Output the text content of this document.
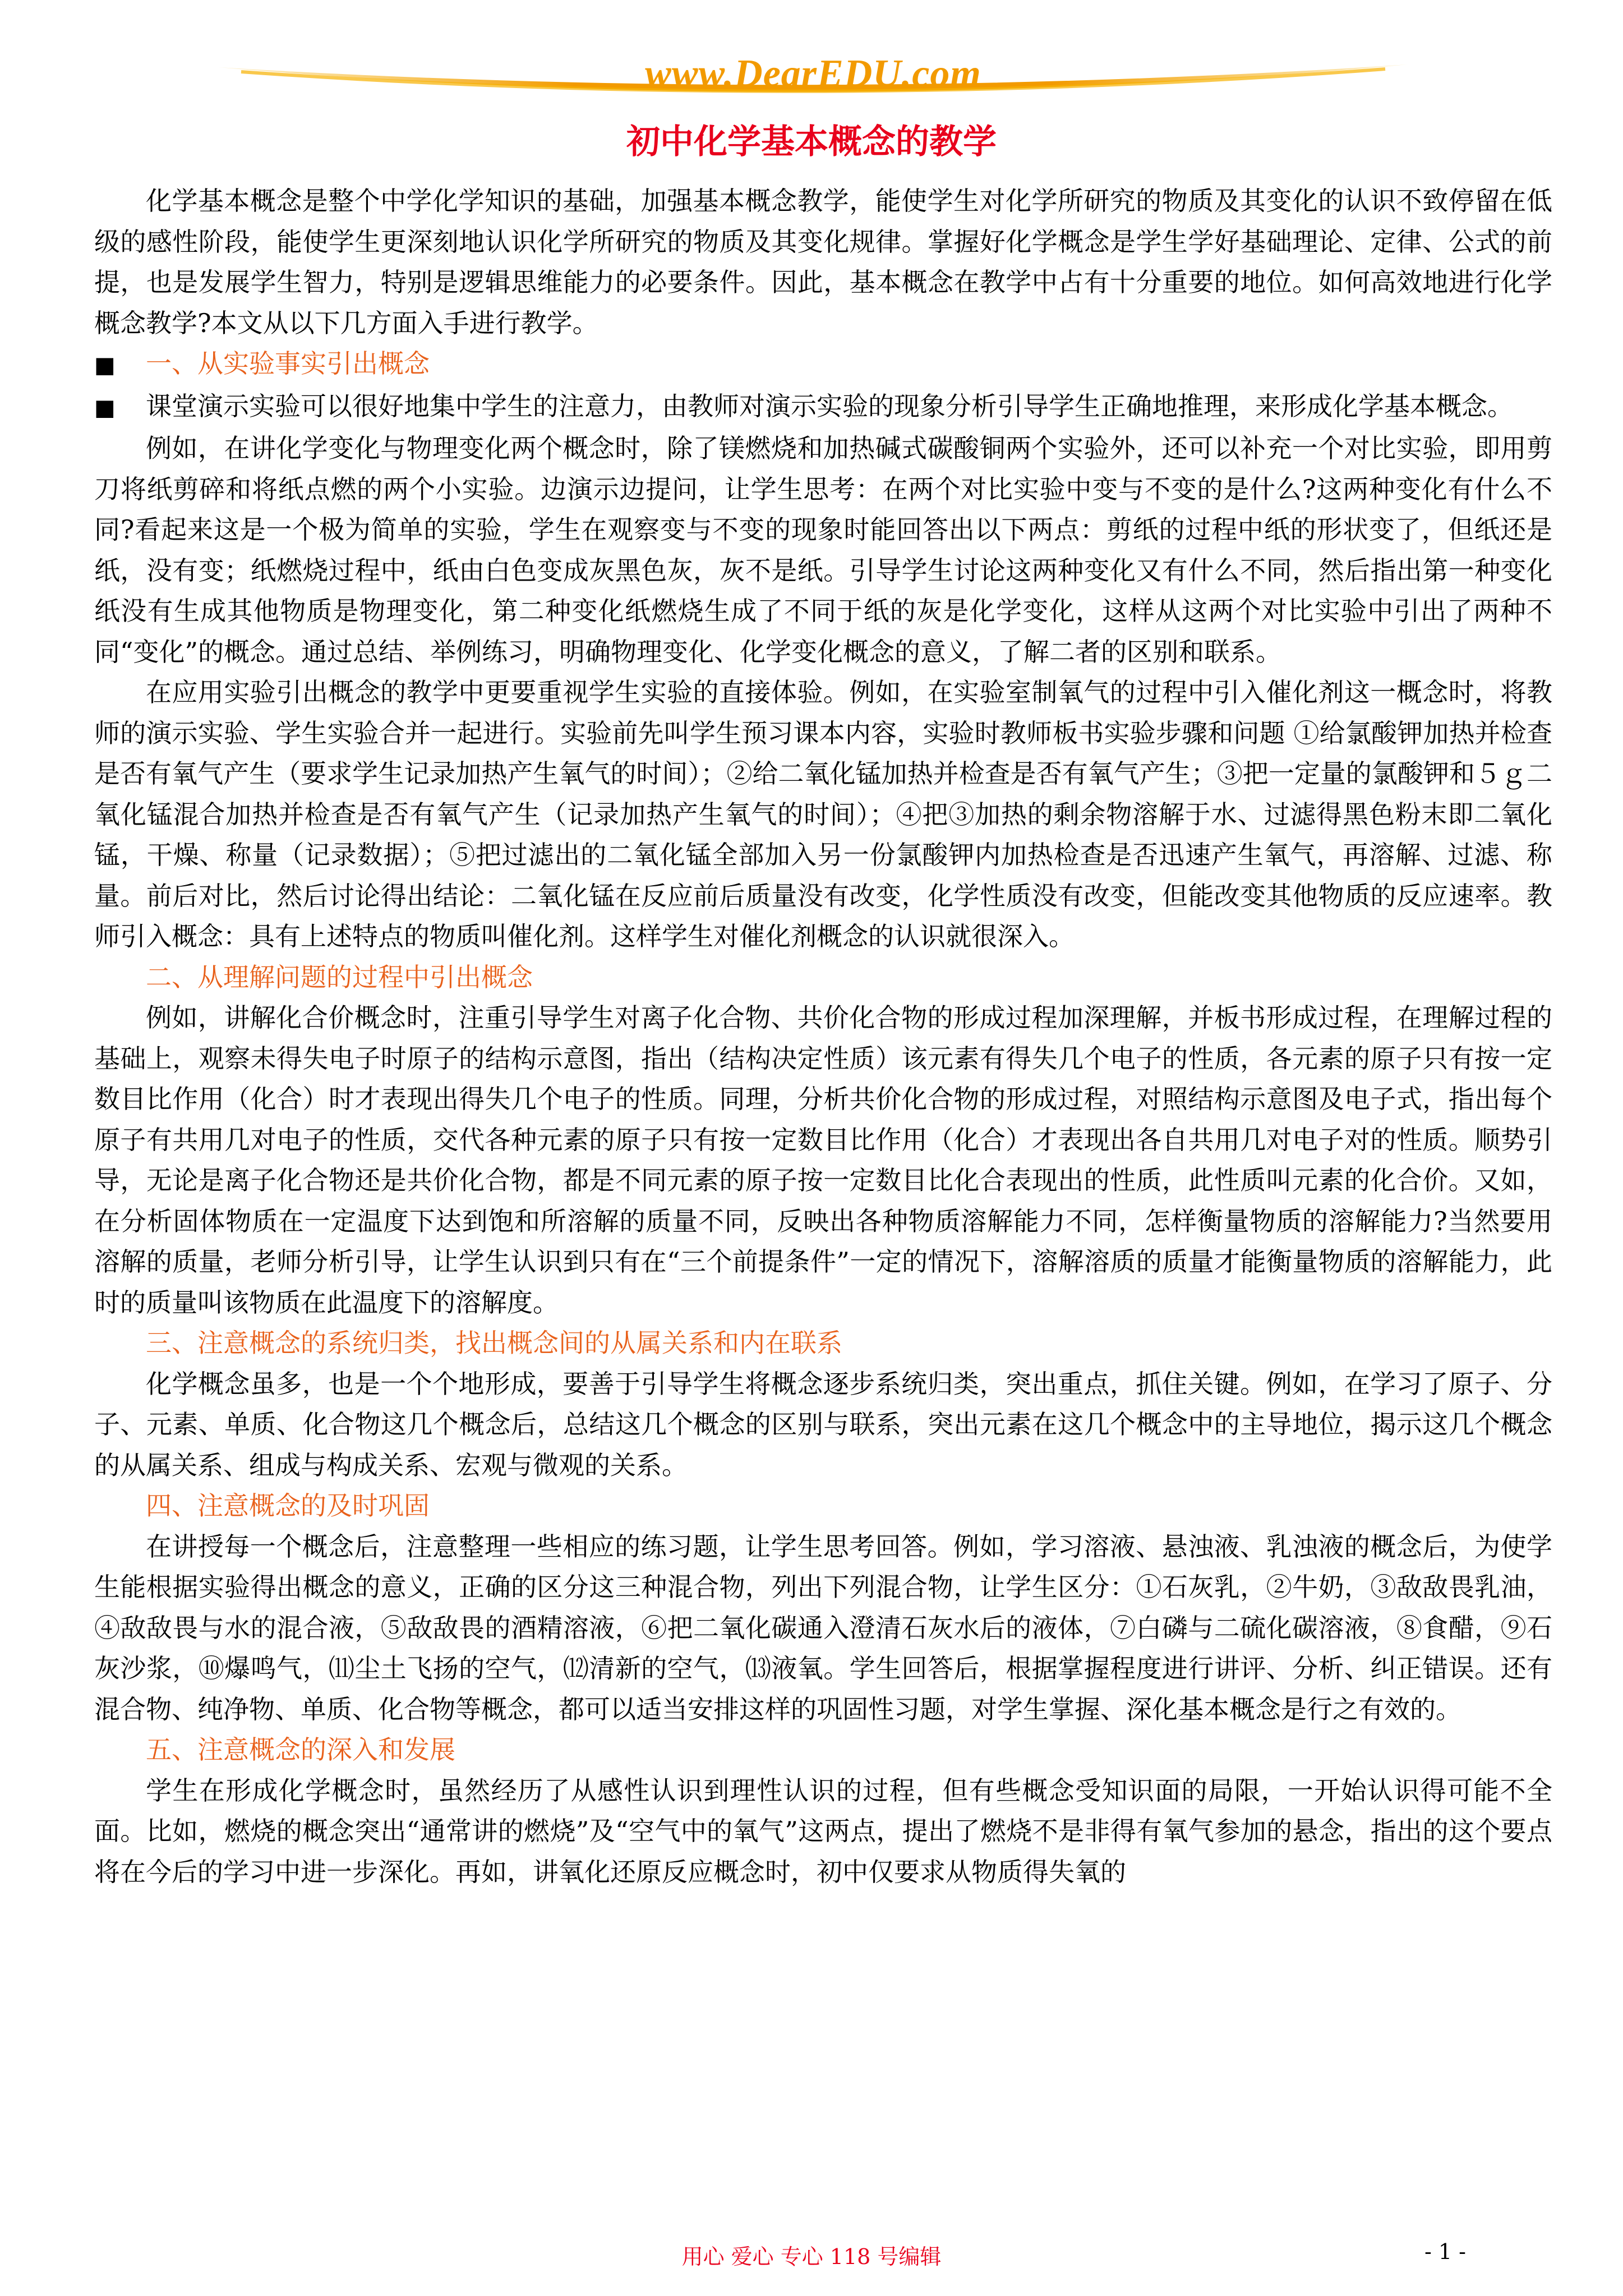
www.DearEDU.com
初中化学基本概念的教学

化学基本概念是整个中学化学知识的基础，加强基本概念教学，能使学生对化学所研究的物质及其变化的认识不致停留在低级的感性阶段，能使学生更深刻地认识化学所研究的物质及其变化规律。掌握好化学概念是学生学好基础理论、定律、公式的前提，也是发展学生智力，特别是逻辑思维能力的必要条件。因此，基本概念在教学中占有十分重要的地位。如何高效地进行化学概念教学?本文从以下几方面入手进行教学。

■ 一、从实验事实引出概念

■ 课堂演示实验可以很好地集中学生的注意力，由教师对演示实验的现象分析引导学生正确地推理，来形成化学基本概念。

例如，在讲化学变化与物理变化两个概念时，除了镁燃烧和加热碱式碳酸铜两个实验外，还可以补充一个对比实验，即用剪刀将纸剪碎和将纸点燃的两个小实验。边演示边提问，让学生思考：在两个对比实验中变与不变的是什么?这两种变化有什么不同?看起来这是一个极为简单的实验，学生在观察变与不变的现象时能回答出以下两点：剪纸的过程中纸的形状变了，但纸还是纸，没有变；纸燃烧过程中，纸由白色变成灰黑色灰，灰不是纸。引导学生讨论这两种变化又有什么不同，然后指出第一种变化纸没有生成其他物质是物理变化，第二种变化纸燃烧生成了不同于纸的灰是化学变化，这样从这两个对比实验中引出了两种不同“变化”的概念。通过总结、举例练习，明确物理变化、化学变化概念的意义，了解二者的区别和联系。

在应用实验引出概念的教学中更要重视学生实验的直接体验。例如，在实验室制氧气的过程中引入催化剂这一概念时，将教师的演示实验、学生实验合并一起进行。实验前先叫学生预习课本内容，实验时教师板书实验步骤和问题 ①给氯酸钾加热并检查是否有氧气产生（要求学生记录加热产生氧气的时间）；②给二氧化锰加热并检查是否有氧气产生；③把一定量的氯酸钾和５ｇ二氧化锰混合加热并检查是否有氧气产生（记录加热产生氧气的时间）；④把③加热的剩余物溶解于水、过滤得黑色粉末即二氧化锰，干燥、称量（记录数据）；⑤把过滤出的二氧化锰全部加入另一份氯酸钾内加热检查是否迅速产生氧气，再溶解、过滤、称量。前后对比，然后讨论得出结论：二氧化锰在反应前后质量没有改变，化学性质没有改变，但能改变其他物质的反应速率。教师引入概念：具有上述特点的物质叫催化剂。这样学生对催化剂概念的认识就很深入。

二、从理解问题的过程中引出概念

例如，讲解化合价概念时，注重引导学生对离子化合物、共价化合物的形成过程加深理解，并板书形成过程，在理解过程的基础上，观察未得失电子时原子的结构示意图，指出（结构决定性质）该元素有得失几个电子的性质，各元素的原子只有按一定数目比作用（化合）时才表现出得失几个电子的性质。同理，分析共价化合物的形成过程，对照结构示意图及电子式，指出每个原子有共用几对电子的性质，交代各种元素的原子只有按一定数目比作用（化合）才表现出各自共用几对电子对的性质。顺势引导，无论是离子化合物还是共价化合物，都是不同元素的原子按一定数目比化合表现出的性质，此性质叫元素的化合价。又如，在分析固体物质在一定温度下达到饱和所溶解的质量不同，反映出各种物质溶解能力不同，怎样衡量物质的溶解能力?当然要用溶解的质量，老师分析引导，让学生认识到只有在“三个前提条件”一定的情况下，溶解溶质的质量才能衡量物质的溶解能力，此时的质量叫该物质在此温度下的溶解度。

三、注意概念的系统归类，找出概念间的从属关系和内在联系

化学概念虽多，也是一个个地形成，要善于引导学生将概念逐步系统归类，突出重点，抓住关键。例如，在学习了原子、分子、元素、单质、化合物这几个概念后，总结这几个概念的区别与联系，突出元素在这几个概念中的主导地位，揭示这几个概念的从属关系、组成与构成关系、宏观与微观的关系。

四、注意概念的及时巩固

在讲授每一个概念后，注意整理一些相应的练习题，让学生思考回答。例如，学习溶液、悬浊液、乳浊液的概念后，为使学生能根据实验得出概念的意义，正确的区分这三种混合物，列出下列混合物，让学生区分：①石灰乳，②牛奶，③敌敌畏乳油，④敌敌畏与水的混合液，⑤敌敌畏的酒精溶液，⑥把二氧化碳通入澄清石灰水后的液体，⑦白磷与二硫化碳溶液，⑧食醋，⑨石灰沙浆，⑩爆鸣气，⑾尘土飞扬的空气，⑿清新的空气，⒀液氧。学生回答后，根据掌握程度进行讲评、分析、纠正错误。还有混合物、纯净物、单质、化合物等概念，都可以适当安排这样的巩固性习题，对学生掌握、深化基本概念是行之有效的。

五、注意概念的深入和发展

学生在形成化学概念时，虽然经历了从感性认识到理性认识的过程，但有些概念受知识面的局限，一开始认识得可能不全面。比如，燃烧的概念突出“通常讲的燃烧”及“空气中的氧气”这两点，提出了燃烧不是非得有氧气参加的悬念，指出的这个要点将在今后的学习中进一步深化。再如，讲氧化还原反应概念时，初中仅要求从物质得失氧的

用心 爱心 专心 118 号编辑	- 1 -
